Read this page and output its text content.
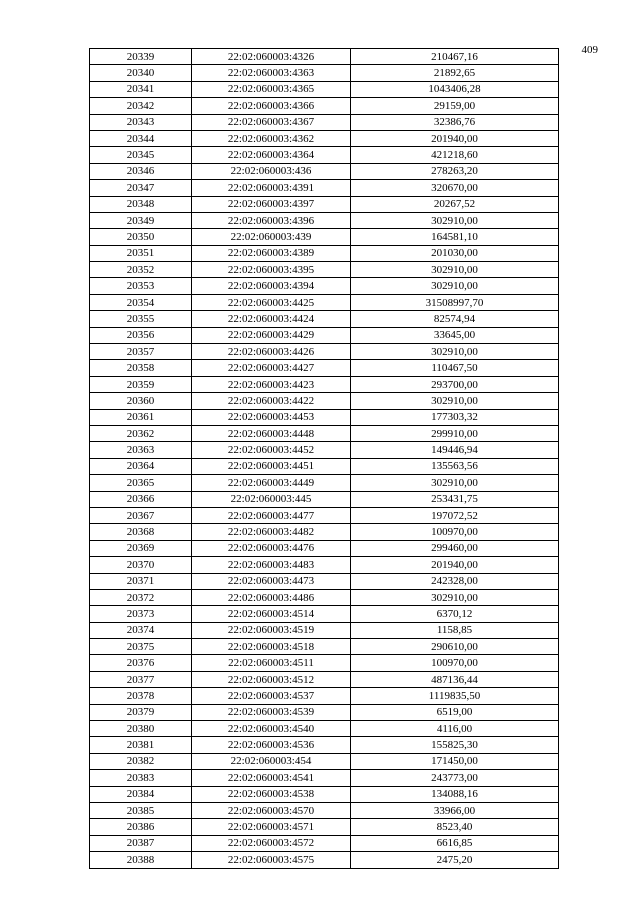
409
20339	22:02:060003:4326	210467,16
20340	22:02:060003:4363	21892,65
20341	22:02:060003:4365	1043406,28
20342	22:02:060003:4366	29159,00
20343	22:02:060003:4367	32386,76
20344	22:02:060003:4362	201940,00
20345	22:02:060003:4364	421218,60
20346	22:02:060003:436	278263,20
20347	22:02:060003:4391	320670,00
20348	22:02:060003:4397	20267,52
20349	22:02:060003:4396	302910,00
20350	22:02:060003:439	164581,10
20351	22:02:060003:4389	201030,00
20352	22:02:060003:4395	302910,00
20353	22:02:060003:4394	302910,00
20354	22:02:060003:4425	31508997,70
20355	22:02:060003:4424	82574,94
20356	22:02:060003:4429	33645,00
20357	22:02:060003:4426	302910,00
20358	22:02:060003:4427	110467,50
20359	22:02:060003:4423	293700,00
20360	22:02:060003:4422	302910,00
20361	22:02:060003:4453	177303,32
20362	22:02:060003:4448	299910,00
20363	22:02:060003:4452	149446,94
20364	22:02:060003:4451	135563,56
20365	22:02:060003:4449	302910,00
20366	22:02:060003:445	253431,75
20367	22:02:060003:4477	197072,52
20368	22:02:060003:4482	100970,00
20369	22:02:060003:4476	299460,00
20370	22:02:060003:4483	201940,00
20371	22:02:060003:4473	242328,00
20372	22:02:060003:4486	302910,00
20373	22:02:060003:4514	6370,12
20374	22:02:060003:4519	1158,85
20375	22:02:060003:4518	290610,00
20376	22:02:060003:4511	100970,00
20377	22:02:060003:4512	487136,44
20378	22:02:060003:4537	1119835,50
20379	22:02:060003:4539	6519,00
20380	22:02:060003:4540	4116,00
20381	22:02:060003:4536	155825,30
20382	22:02:060003:454	171450,00
20383	22:02:060003:4541	243773,00
20384	22:02:060003:4538	134088,16
20385	22:02:060003:4570	33966,00
20386	22:02:060003:4571	8523,40
20387	22:02:060003:4572	6616,85
20388	22:02:060003:4575	2475,20
